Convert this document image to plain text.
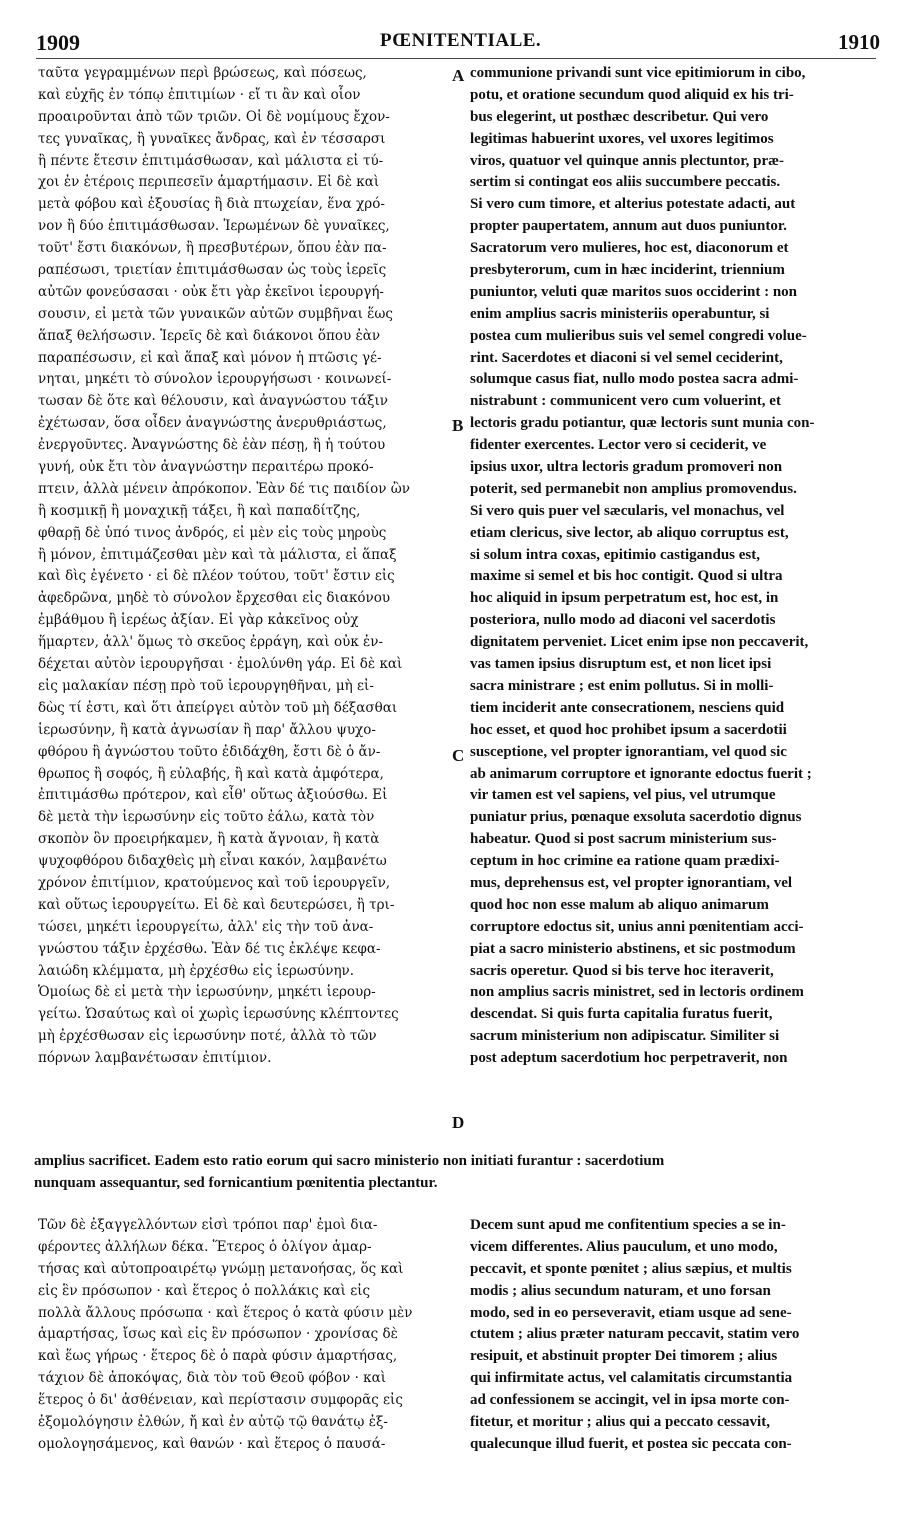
1909	PŒNITENTIALE.	1910
A
B
C
D
ταῦτα γεγραμμένων περὶ βρώσεως, καὶ πόσεως,
καὶ εὐχῆς ἐν τόπῳ ἐπιτιμίων · εἴ τι ἂν καὶ οἷον
προαιροῦνται ἀπὸ τῶν τριῶν. Οἱ δὲ νομίμους ἔχον-
τες γυναῖκας, ἢ γυναῖκες ἄνδρας, καὶ ἐν τέσσαρσι
ἢ πέντε ἔτεσιν ἐπιτιμάσθωσαν, καὶ μάλιστα εἰ τύ-
χοι ἐν ἑτέροις περιπεσεῖν ἁμαρτήμασιν. Εἰ δὲ καὶ
μετὰ φόβου καὶ ἐξουσίας ἢ διὰ πτωχείαν, ἕνα χρό-
νον ἢ δύο ἐπιτιμάσθωσαν. Ἱερωμένων δὲ γυναῖκες,
τοῦτ' ἔστι διακόνων, ἢ πρεσβυτέρων, ὅπου ἐὰν πα-
ραπέσωσι, τριετίαν ἐπιτιμάσθωσαν ὡς τοὺς ἱερεῖς
αὐτῶν φονεύσασαι · οὐκ ἔτι γὰρ ἐκεῖνοι ἱερουργή-
σουσιν, εἰ μετὰ τῶν γυναικῶν αὐτῶν συμβῆναι ἕως
ἅπαξ θελήσωσιν. Ἱερεῖς δὲ καὶ διάκονοι ὅπου ἐὰν
παραπέσωσιν, εἰ καὶ ἅπαξ καὶ μόνον ἡ πτῶσις γέ-
νηται, μηκέτι τὸ σύνολον ἱερουργήσωσι · κοινωνεί-
τωσαν δὲ ὅτε καὶ θέλουσιν, καὶ ἀναγνώστου τάξιν
ἐχέτωσαν, ὅσα οἶδεν ἀναγνώστης ἀνερυθριάστως,
ἐνεργοῦντες. Ἀναγνώστης δὲ ἐὰν πέσῃ, ἢ ἡ τούτου
γυνή, οὐκ ἔτι τὸν ἀναγνώστην περαιτέρω προκό-
πτειν, ἀλλὰ μένειν ἀπρόκοπον. Ἐὰν δέ τις παιδίον ὢν
ἢ κοσμικῇ ἢ μοναχικῇ τάξει, ἢ καὶ παπαδίτζης,
φθαρῇ δὲ ὑπό τινος ἀνδρός, εἰ μὲν εἰς τοὺς μηροὺς
ἢ μόνον, ἐπιτιμάζεσθαι μὲν καὶ τὰ μάλιστα, εἰ ἅπαξ
καὶ δὶς ἐγένετο · εἰ δὲ πλέον τούτου, τοῦτ' ἔστιν εἰς
ἀφεδρῶνα, μηδὲ τὸ σύνολον ἔρχεσθαι εἰς διακόνου
ἐμβάθμου ἢ ἱερέως ἀξίαν. Εἰ γὰρ κἀκεῖνος οὐχ
ἥμαρτεν, ἀλλ' ὅμως τὸ σκεῦος ἐρράγη, καὶ οὐκ ἐν-
δέχεται αὐτὸν ἱερουργῆσαι · ἐμολύνθη γάρ. Εἰ δὲ καὶ
εἰς μαλακίαν πέσῃ πρὸ τοῦ ἱερουργηθῆναι, μὴ εἰ-
δὼς τί ἐστι, καὶ ὅτι ἀπείργει αὐτὸν τοῦ μὴ δέξασθαι
ἱερωσύνην, ἢ κατὰ ἀγνωσίαν ἢ παρ' ἄλλου ψυχο-
φθόρου ἢ ἀγνώστου τοῦτο ἐδιδάχθη, ἔστι δὲ ὁ ἄν-
θρωπος ἢ σοφός, ἢ εὐλαβής, ἢ καὶ κατὰ ἀμφότερα,
ἐπιτιμάσθω πρότερον, καὶ εἶθ' οὕτως ἀξιούσθω. Εἰ
δὲ μετὰ τὴν ἱερωσύνην εἰς τοῦτο ἐάλω, κατὰ τὸν
σκοπὸν ὃν προειρήκαμεν, ἢ κατὰ ἄγνοιαν, ἢ κατὰ
ψυχοφθόρου διδαχθεὶς μὴ εἶναι κακόν, λαμβανέτω
χρόνον ἐπιτίμιον, κρατούμενος καὶ τοῦ ἱερουργεῖν,
καὶ οὕτως ἱερουργείτω. Εἰ δὲ καὶ δευτερώσει, ἢ τρι-
τώσει, μηκέτι ἱερουργείτω, ἀλλ' εἰς τὴν τοῦ ἀνα-
γνώστου τάξιν ἐρχέσθω. Ἐὰν δέ τις ἐκλέψε κεφα-
λαιώδη κλέμματα, μὴ ἐρχέσθω εἰς ἱερωσύνην.
Ὁμοίως δὲ εἰ μετὰ τὴν ἱερωσύνην, μηκέτι ἱερουρ-
γείτω. Ὡσαύτως καὶ οἱ χωρὶς ἱερωσύνης κλέπτοντες
μὴ ἐρχέσθωσαν εἰς ἱερωσύνην ποτέ, ἀλλὰ τὸ τῶν
πόρνων λαμβανέτωσαν ἐπιτίμιον.
communione privandi sunt vice epitimiorum in cibo,
potu, et oratione secundum quod aliquid ex his tri-
bus elegerint, ut posthæc describetur. Qui vero
legitimas habuerint uxores, vel uxores legitimos
viros, quatuor vel quinque annis plectuntor, præ-
sertim si contingat eos aliis succumbere peccatis.
Si vero cum timore, et alterius potestate adacti, aut
propter paupertatem, annum aut duos puniuntor.
Sacratorum vero mulieres, hoc est, diaconorum et
presbyterorum, cum in hæc inciderint, triennium
puniuntor, veluti quæ maritos suos occiderint : non
enim amplius sacris ministeriis operabuntur, si
postea cum mulieribus suis vel semel congredi volue-
rint. Sacerdotes et diaconi si vel semel ceciderint,
solumque casus fiat, nullo modo postea sacra admi-
nistrabunt : communicent vero cum voluerint, et
lectoris gradu potiantur, quæ lectoris sunt munia con-
fidenter exercentes. Lector vero si ceciderit, ve
ipsius uxor, ultra lectoris gradum promoveri non
poterit, sed permanebit non amplius promovendus.
Si vero quis puer vel sæcularis, vel monachus, vel
etiam clericus, sive lector, ab aliquo corruptus est,
si solum intra coxas, epitimio castigandus est,
maxime si semel et bis hoc contigit. Quod si ultra
hoc aliquid in ipsum perpetratum est, hoc est, in
posteriora, nullo modo ad diaconi vel sacerdotis
dignitatem perveniet. Licet enim ipse non peccaverit,
vas tamen ipsius disruptum est, et non licet ipsi
sacra ministrare ; est enim pollutus. Si in molli-
tiem inciderit ante consecrationem, nesciens quid
hoc esset, et quod hoc prohibet ipsum a sacerdotii
susceptione, vel propter ignorantiam, vel quod sic
ab animarum corruptore et ignorante edoctus fuerit ;
vir tamen est vel sapiens, vel pius, vel utrumque
puniatur prius, pœnaque exsoluta sacerdotio dignus
habeatur. Quod si post sacrum ministerium sus-
ceptum in hoc crimine ea ratione quam prædixi-
mus, deprehensus est, vel propter ignorantiam, vel
quod hoc non esse malum ab aliquo animarum
corruptore edoctus sit, unius anni pœnitentiam acci-
piat a sacro ministerio abstinens, et sic postmodum
sacris operetur. Quod si bis terve hoc iteraverit,
non amplius sacris ministret, sed in lectoris ordinem
descendat. Si quis furta capitalia furatus fuerit,
sacrum ministerium non adipiscatur. Similiter si
post adeptum sacerdotium hoc perpetraverit, non
amplius sacrificet. Eadem esto ratio eorum qui sacro ministerio non initiati furantur : sacerdotium
nunquam assequantur, sed fornicantium pœnitentia plectantur.
Τῶν δὲ ἐξαγγελλόντων εἰσὶ τρόποι παρ' ἐμοὶ δια-
φέροντες ἀλλήλων δέκα. Ἕτερος ὁ ὀλίγον ἁμαρ-
τήσας καὶ αὐτοπροαιρέτῳ γνώμῃ μετανοήσας, ὅς καὶ
εἰς ἓν πρόσωπον · καὶ ἕτερος ὁ πολλάκις καὶ εἰς
πολλὰ ἄλλους πρόσωπα · καὶ ἕτερος ὁ κατὰ φύσιν μὲν
ἁμαρτήσας, ἴσως καὶ εἰς ἓν πρόσωπον · χρονίσας δὲ
καὶ ἕως γήρως · ἕτερος δὲ ὁ παρὰ φύσιν ἁμαρτήσας,
τάχιον δὲ ἀποκόψας, διὰ τὸν τοῦ Θεοῦ φόβον · καὶ
ἕτερος ὁ δι' ἀσθένειαν, καὶ περίστασιν συμφορᾶς εἰς
ἐξομολόγησιν ἐλθών, ἤ καὶ ἐν αὐτῷ τῷ θανάτῳ ἐξ-
ομολογησάμενος, καὶ θανών · καὶ ἕτερος ὁ παυσά-
Decem sunt apud me confitentium species a se in-
vicem differentes. Alius pauculum, et uno modo,
peccavit, et sponte pœnitet ; alius sæpius, et multis
modis ; alius secundum naturam, et uno forsan
modo, sed in eo perseveravit, etiam usque ad sene-
ctutem ; alius præter naturam peccavit, statim vero
resipuit, et abstinuit propter Dei timorem ; alius
qui infirmitate actus, vel calamitatis circumstantia
ad confessionem se accingit, vel in ipsa morte con-
fitetur, et moritur ; alius qui a peccato cessavit,
qualecunque illud fuerit, et postea sic peccata con-
